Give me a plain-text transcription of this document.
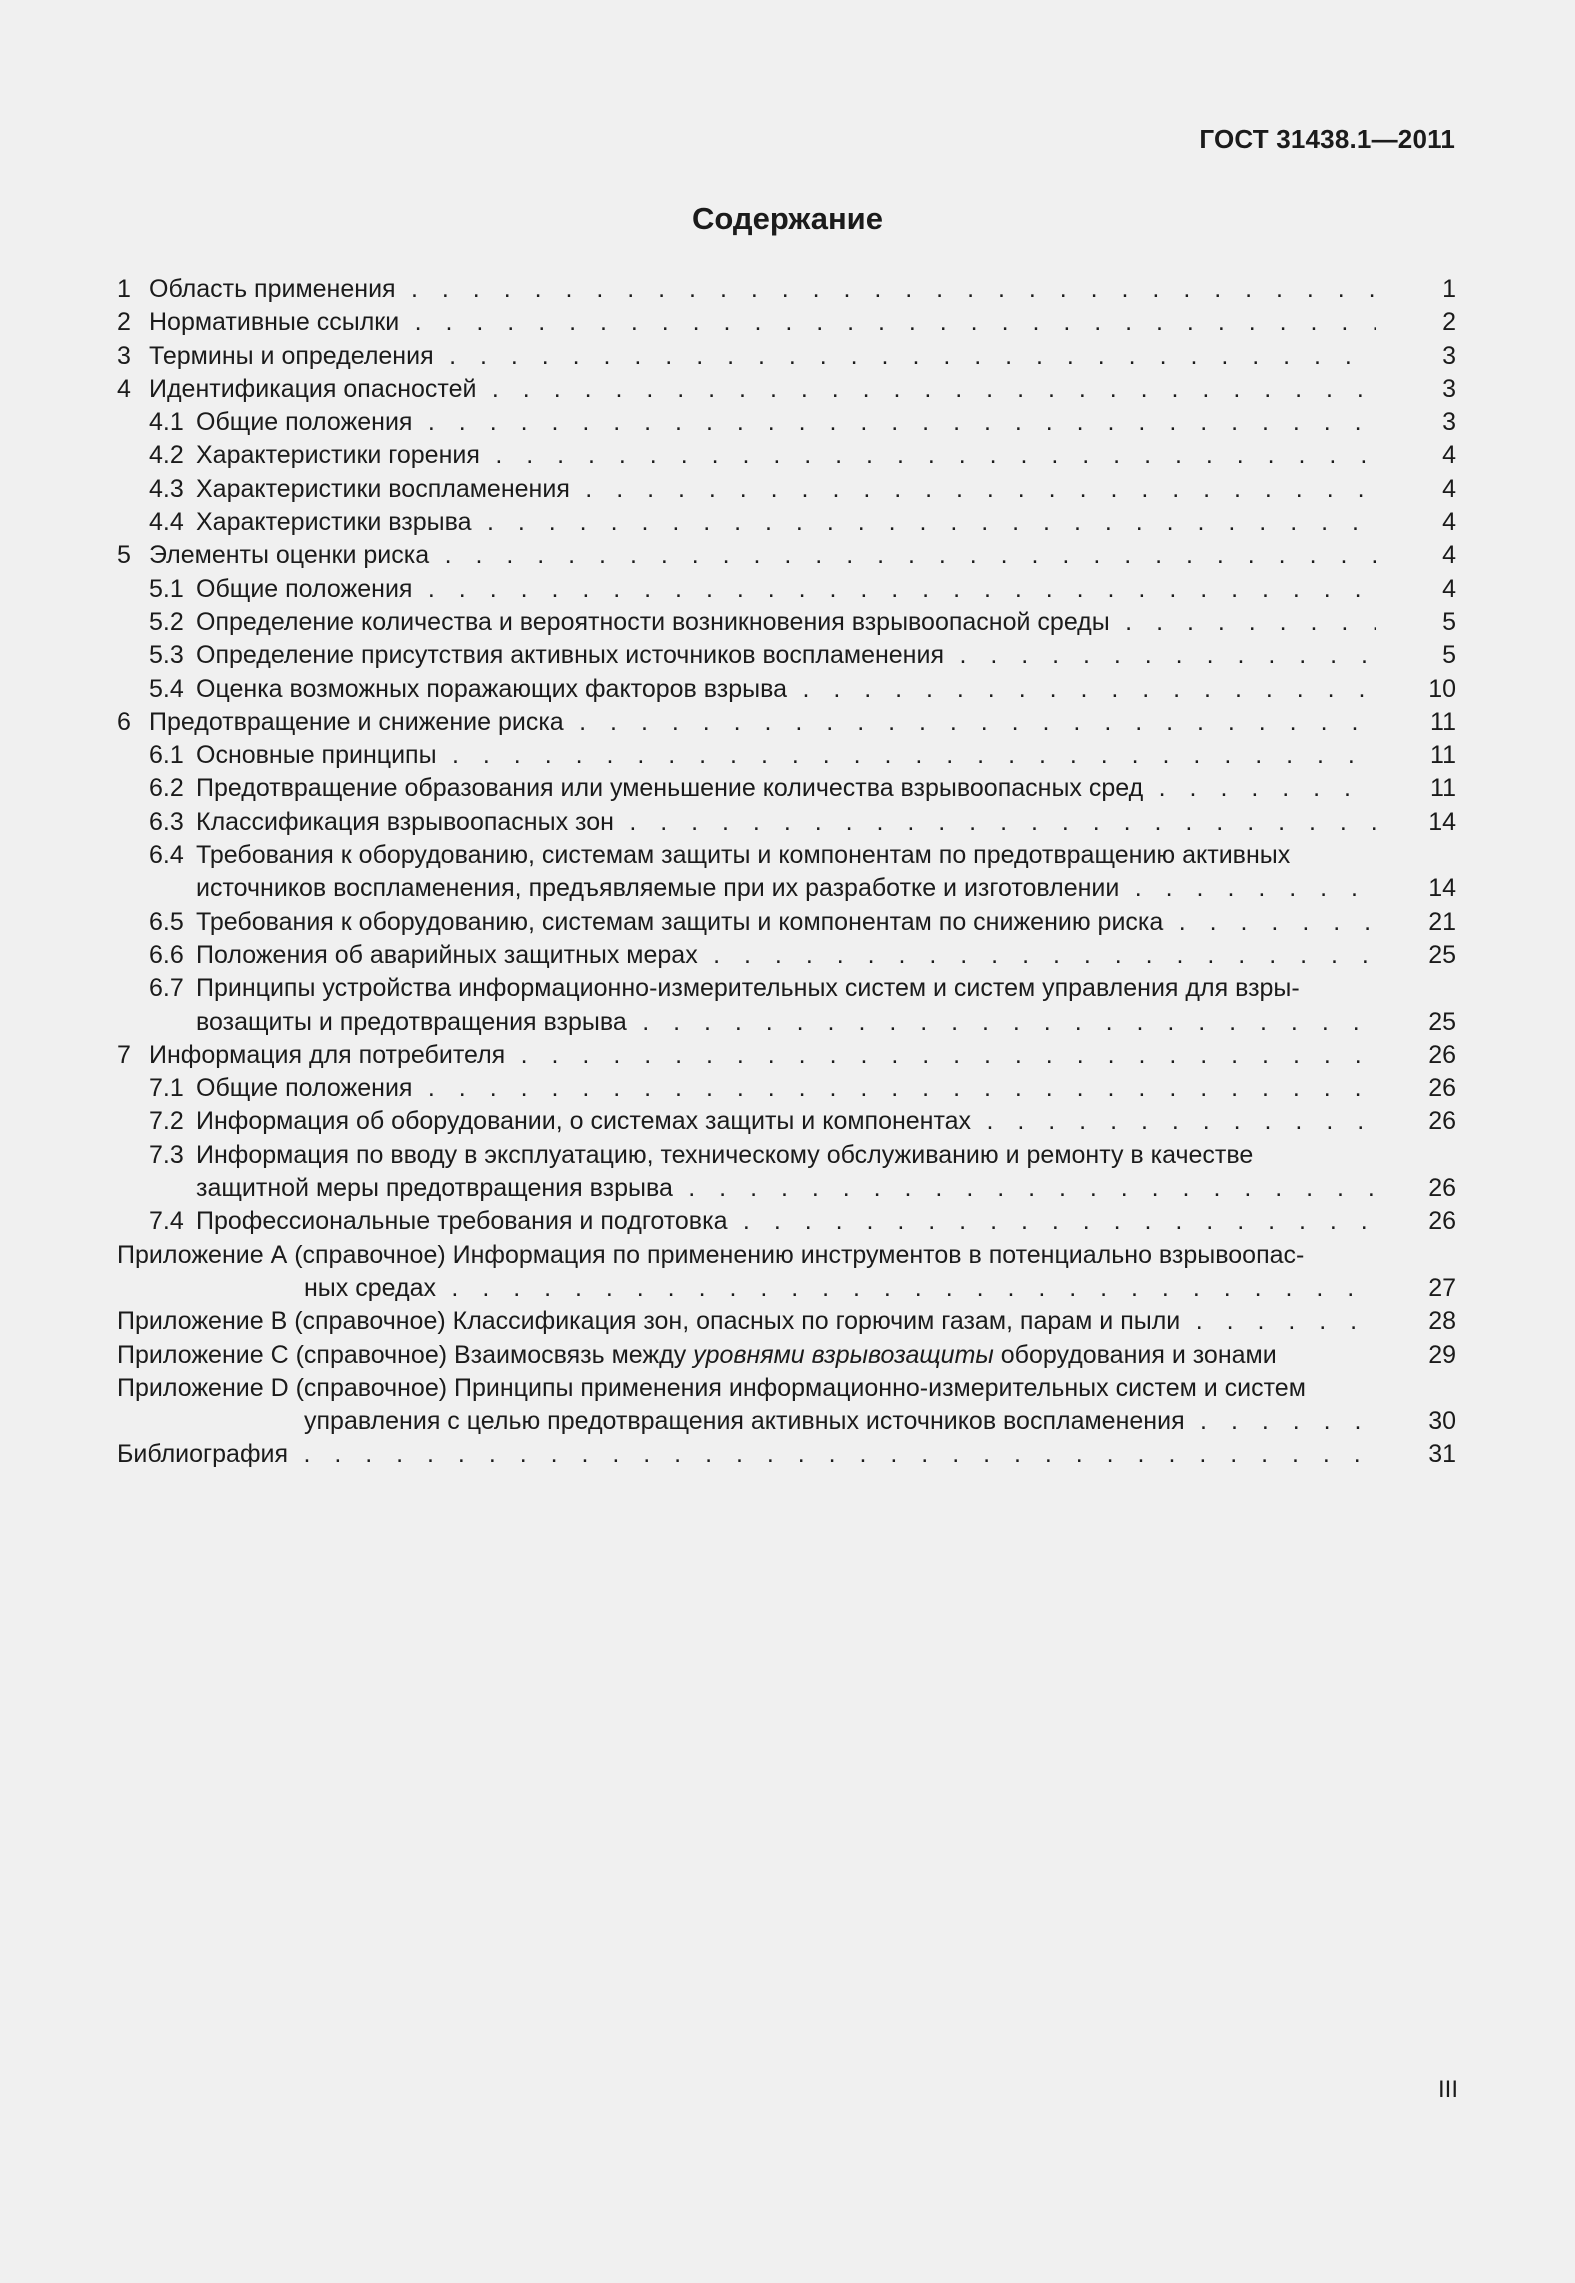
ГОСТ 31438.1—2011
Содержание
1 Область применения . . .	1
2 Нормативные ссылки . . .	2
3 Термины и определения . . .	3
4 Идентификация опасностей . . .	3
4.1 Общие положения . . .	3
4.2 Характеристики горения . . .	4
4.3 Характеристики воспламенения . . .	4
4.4 Характеристики взрыва . . .	4
5 Элементы оценки риска . . .	4
5.1 Общие положения . . .	4
5.2 Определение количества и вероятности возникновения взрывоопасной среды . . .	5
5.3 Определение присутствия активных источников воспламенения . . .	5
5.4 Оценка возможных поражающих факторов взрыва . . .	10
6 Предотвращение и снижение риска . . .	11
6.1 Основные принципы . . .	11
6.2 Предотвращение образования или уменьшение количества взрывоопасных сред . . .	11
6.3 Классификация взрывоопасных зон . . .	14
6.4 Требования к оборудованию, системам защиты и компонентам по предотвращению активных
источников воспламенения, предъявляемые при их разработке и изготовлении . . .	14
6.5 Требования к оборудованию, системам защиты и компонентам по снижению риска . . .	21
6.6 Положения об аварийных защитных мерах . . .	25
6.7 Принципы устройства информационно-измерительных систем и систем управления для взры-
возащиты и предотвращения взрыва . . .	25
7 Информация для потребителя . . .	26
7.1 Общие положения . . .	26
7.2 Информация об оборудовании, о системах защиты и компонентах . . .	26
7.3 Информация по вводу в эксплуатацию, техническому обслуживанию и ремонту в качестве
защитной меры предотвращения взрыва . . .	26
7.4 Профессиональные требования и подготовка . . .	26
Приложение А (справочное) Информация по применению инструментов в потенциально взрывоопас-
ных средах . . .	27
Приложение В (справочное) Классификация зон, опасных по горючим газам, парам и пыли . . .	28
Приложение С (справочное) Взаимосвязь между уровнями взрывозащиты оборудования и зонами	29
Приложение D (справочное) Принципы применения информационно-измерительных систем и систем
управления с целью предотвращения активных источников воспламенения . . .	30
Библиография . . .	31
III
